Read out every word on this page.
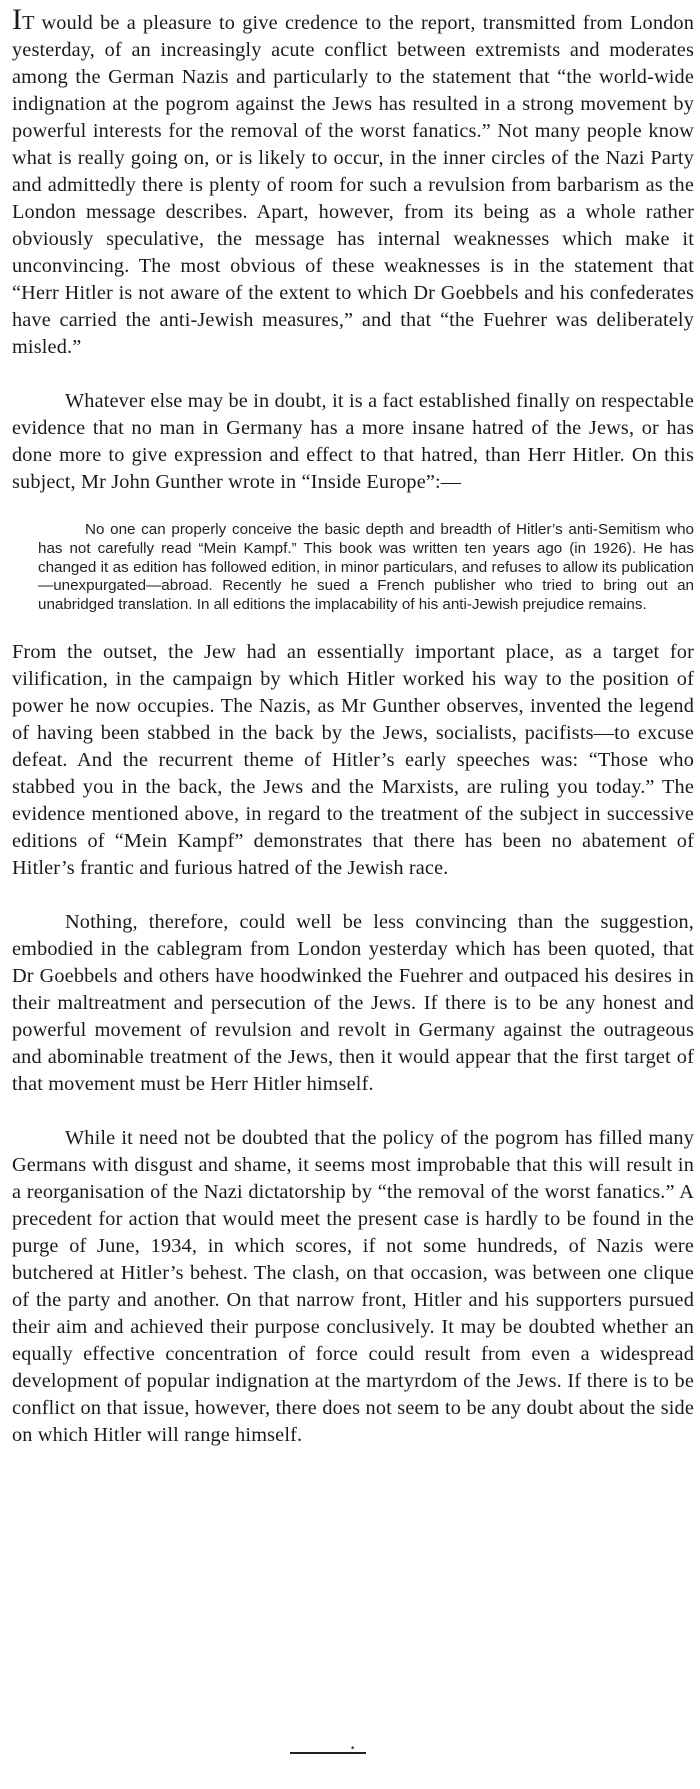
IT would be a pleasure to give credence to the report, transmitted from London yesterday, of an increasingly acute conflict between extremists and moderates among the German Nazis and particularly to the statement that “the world-wide indignation at the pogrom against the Jews has resulted in a strong movement by powerful interests for the removal of the worst fanatics.” Not many people know what is really going on, or is likely to occur, in the inner circles of the Nazi Party and admittedly there is plenty of room for such a revulsion from barbarism as the London message describes. Apart, however, from its being as a whole rather obviously speculative, the message has internal weaknesses which make it unconvincing. The most obvious of these weaknesses is in the statement that “Herr Hitler is not aware of the extent to which Dr Goebbels and his confederates have carried the anti-Jewish measures,” and that “the Fuehrer was deliberately misled.”

Whatever else may be in doubt, it is a fact established finally on respectable evidence that no man in Germany has a more insane hatred of the Jews, or has done more to give expression and effect to that hatred, than Herr Hitler. On this subject, Mr John Gunther wrote in “Inside Europe”:—

No one can properly conceive the basic depth and breadth of Hitler’s anti-Semitism who has not carefully read “Mein Kampf.” This book was written ten years ago (in 1926). He has changed it as edition has followed edition, in minor particulars, and refuses to allow its publication—unexpurgated—abroad. Recently he sued a French publisher who tried to bring out an unabridged translation. In all editions the implacability of his anti-Jewish prejudice remains.

From the outset, the Jew had an essentially important place, as a target for vilification, in the campaign by which Hitler worked his way to the position of power he now occupies. The Nazis, as Mr Gunther observes, invented the legend of having been stabbed in the back by the Jews, socialists, pacifists—to excuse defeat. And the recurrent theme of Hitler’s early speeches was: “Those who stabbed you in the back, the Jews and the Marxists, are ruling you today.” The evidence mentioned above, in regard to the treatment of the subject in successive editions of “Mein Kampf” demonstrates that there has been no abatement of Hitler’s frantic and furious hatred of the Jewish race.

Nothing, therefore, could well be less convincing than the suggestion, embodied in the cablegram from London yesterday which has been quoted, that Dr Goebbels and others have hoodwinked the Fuehrer and outpaced his desires in their maltreatment and persecution of the Jews. If there is to be any honest and powerful movement of revulsion and revolt in Germany against the outrageous and abominable treatment of the Jews, then it would appear that the first target of that movement must be Herr Hitler himself.

While it need not be doubted that the policy of the pogrom has filled many Germans with disgust and shame, it seems most improbable that this will result in a reorganisation of the Nazi dictatorship by “the removal of the worst fanatics.” A precedent for action that would meet the present case is hardly to be found in the purge of June, 1934, in which scores, if not some hundreds, of Nazis were butchered at Hitler’s behest. The clash, on that occasion, was between one clique of the party and another. On that narrow front, Hitler and his supporters pursued their aim and achieved their purpose conclusively. It may be doubted whether an equally effective concentration of force could result from even a widespread development of popular indignation at the martyrdom of the Jews. If there is to be conflict on that issue, however, there does not seem to be any doubt about the side on which Hitler will range himself.

•
